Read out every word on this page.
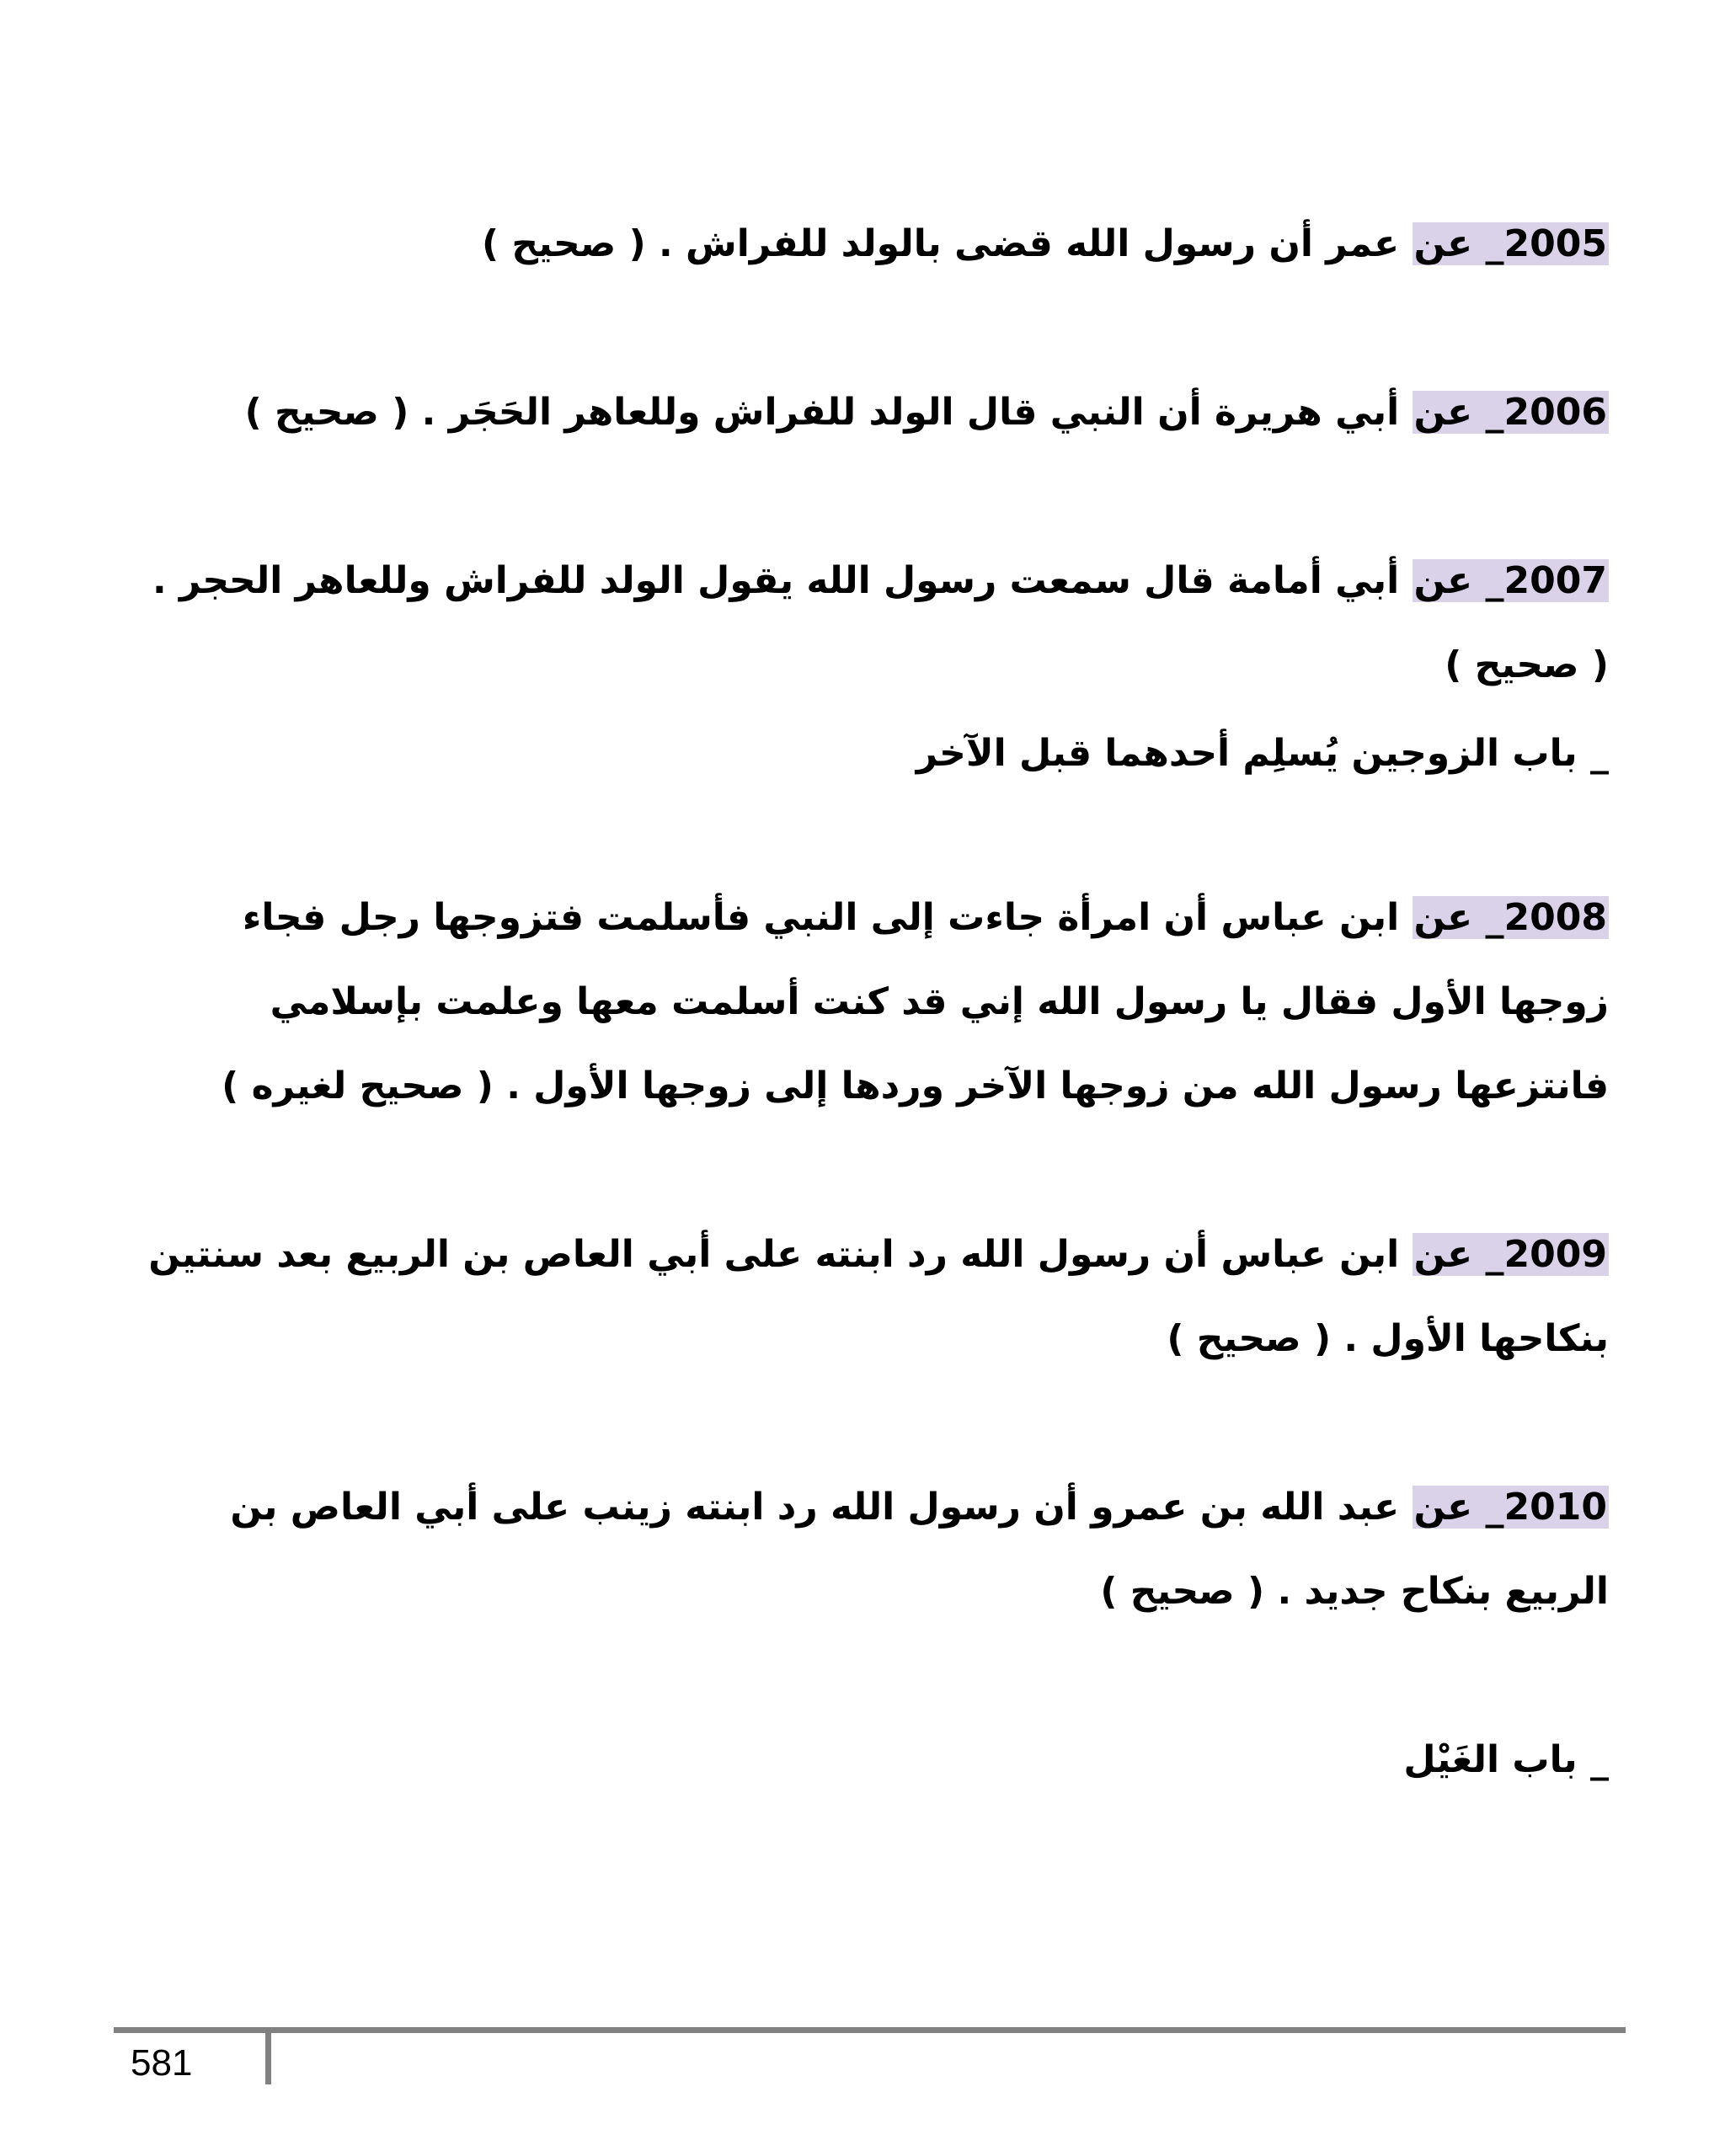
2005_ عن عمر أن رسول الله قضى بالولد للفراش . ( صحيح )
2006_ عن أبي هريرة أن النبي قال الولد للفراش وللعاهر الحَجَر . ( صحيح )
2007_ عن أبي أمامة قال سمعت رسول الله يقول الولد للفراش وللعاهر الحجر . ( صحيح )
_ باب الزوجين يُسلِم أحدهما قبل الآخر
2008_ عن ابن عباس أن امرأة جاءت إلى النبي فأسلمت فتزوجها رجل فجاء زوجها الأول فقال يا رسول الله إني قد كنت أسلمت معها وعلمت بإسلامي فانتزعها رسول الله من زوجها الآخر وردها إلى زوجها الأول . ( صحيح لغيره )
2009_ عن ابن عباس أن رسول الله رد ابنته على أبي العاص بن الربيع بعد سنتين بنكاحها الأول . ( صحيح )
2010_ عن عبد الله بن عمرو أن رسول الله رد ابنته زينب على أبي العاص بن الربيع بنكاح جديد . ( صحيح )
_ باب الغَيْل
581
